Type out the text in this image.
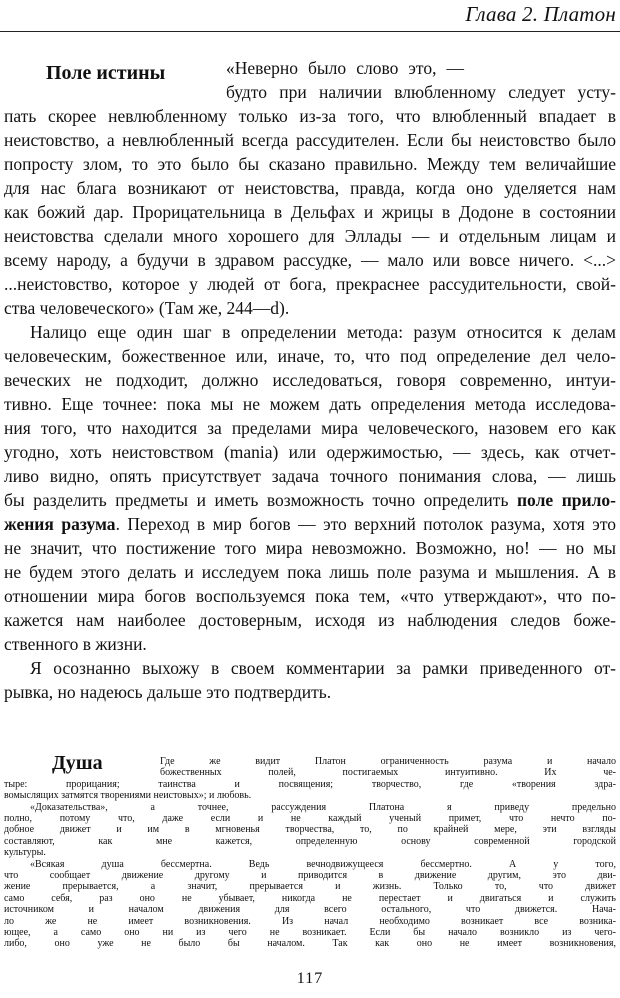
Глава 2. Платон
Поле истины	«Неверно было слово это, —
будто при наличии влюбленному следует усту-
пать скорее невлюбленному только из-за того, что влюбленный впадает в
неистовство, а невлюбленный всегда рассудителен. Если бы неистовство было
попросту злом, то это было бы сказано правильно. Между тем величайшие
для нас блага возникают от неистовства, правда, когда оно уделяется нам
как божий дар. Прорицательница в Дельфах и жрицы в Додоне в состоянии
неистовства сделали много хорошего для Эллады — и отдельным лицам и
всему народу, а будучи в здравом рассудке, — мало или вовсе ничего. <...>
...неистовство, которое у людей от бога, прекраснее рассудительности, свой-
ства человеческого» (Там же, 244—d).
Налицо еще один шаг в определении метода: разум относится к делам
человеческим, божественное или, иначе, то, что под определение дел чело-
веческих не подходит, должно исследоваться, говоря современно, интуи-
тивно. Еще точнее: пока мы не можем дать определения метода исследова-
ния того, что находится за пределами мира человеческого, назовем его как
угодно, хоть неистовством (mania) или одержимостью, — здесь, как отчет-
ливо видно, опять присутствует задача точного понимания слова, — лишь
бы разделить предметы и иметь возможность точно определить поле прило-
жения разума. Переход в мир богов — это верхний потолок разума, хотя это
не значит, что постижение того мира невозможно. Возможно, но! — но мы
не будем этого делать и исследуем пока лишь поле разума и мышления. А в
отношении мира богов воспользуемся пока тем, «что утверждают», что по-
кажется нам наиболее достоверным, исходя из наблюдения следов боже-
ственного в жизни.
Я осознанно выхожу в своем комментарии за рамки приведенного от-
рывка, но надеюсь дальше это подтвердить.
Душа	Где же видит Платон ограниченность разума и начало
божественных полей, постигаемых интуитивно. Их че-
тыре: прорицания; таинства и посвящения; творчество, где «творения здра-
вомыслящих затмятся творениями неистовых»; и любовь.
«Доказательства», а точнее, рассуждения Платона я приведу предельно
полно, потому что, даже если и не каждый ученый примет, что нечто по-
добное движет и им в мгновенья творчества, то, по крайней мере, эти взгляды
составляют, как мне кажется, определенную основу современной городской
культуры.
«Всякая душа бессмертна. Ведь вечнодвижущееся бессмертно. А у того,
что сообщает движение другому и приводится в движение другим, это дви-
жение прерывается, а значит, прерывается и жизнь. Только то, что движет
само себя, раз оно не убывает, никогда не перестает и двигаться и служить
источником и началом движения для всего остального, что движется. Нача-
ло же не имеет возникновения. Из начал необходимо возникает все возника-
ющее, а само оно ни из чего не возникает. Если бы начало возникло из чего-
либо, оно уже не было бы началом. Так как оно не имеет возникновения,
117
